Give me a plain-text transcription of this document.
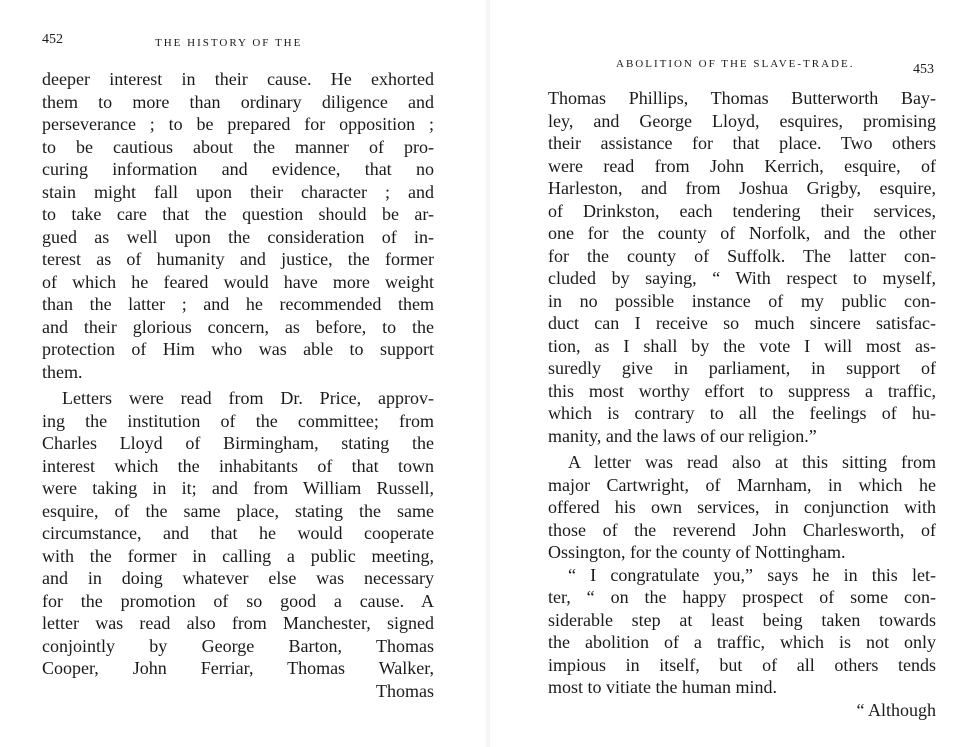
452	THE HISTORY OF THE
deeper interest in their cause. He exhorted
them to more than ordinary diligence and
perseverance ; to be prepared for opposition ;
to be cautious about the manner of pro-
curing information and evidence, that no
stain might fall upon their character ; and
to take care that the question should be ar-
gued as well upon the consideration of in-
terest as of humanity and justice, the former
of which he feared would have more weight
than the latter ; and he recommended them
and their glorious concern, as before, to the
protection of Him who was able to support
them.
Letters were read from Dr. Price, approv-
ing the institution of the committee; from
Charles Lloyd of Birmingham, stating the
interest which the inhabitants of that town
were taking in it; and from William Russell,
esquire, of the same place, stating the same
circumstance, and that he would cooperate
with the former in calling a public meeting,
and in doing whatever else was necessary
for the promotion of so good a cause. A
letter was read also from Manchester, signed
conjointly by George Barton, Thomas
Cooper, John Ferriar, Thomas Walker,
Thomas
ABOLITION OF THE SLAVE-TRADE.	453
Thomas Phillips, Thomas Butterworth Bay-
ley, and George Lloyd, esquires, promising
their assistance for that place. Two others
were read from John Kerrich, esquire, of
Harleston, and from Joshua Grigby, esquire,
of Drinkston, each tendering their services,
one for the county of Norfolk, and the other
for the county of Suffolk. The latter con-
cluded by saying, “ With respect to myself,
in no possible instance of my public con-
duct can I receive so much sincere satisfac-
tion, as I shall by the vote I will most as-
suredly give in parliament, in support of
this most worthy effort to suppress a traffic,
which is contrary to all the feelings of hu-
manity, and the laws of our religion.”
A letter was read also at this sitting from
major Cartwright, of Marnham, in which he
offered his own services, in conjunction with
those of the reverend John Charlesworth, of
Ossington, for the county of Nottingham.
“ I congratulate you,” says he in this let-
ter, “ on the happy prospect of some con-
siderable step at least being taken towards
the abolition of a traffic, which is not only
impious in itself, but of all others tends
most to vitiate the human mind.
“ Although
